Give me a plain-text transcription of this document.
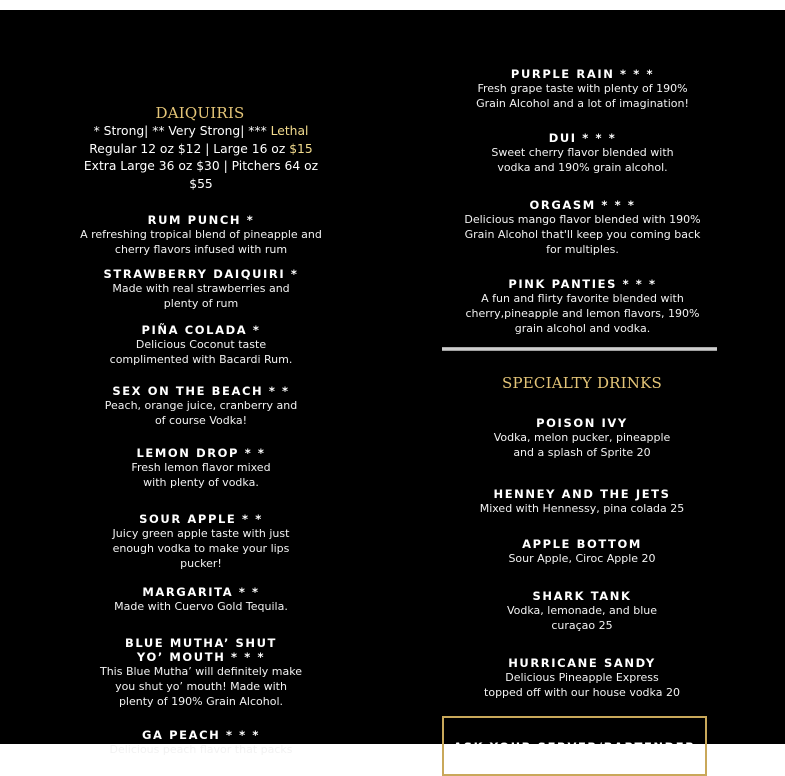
DAIQUIRIS
* Strong| ** Very Strong| *** Lethal
Regular 12 oz $12 | Large 16 oz $15
Extra Large 36 oz $30 | Pitchers 64 oz
$55
RUM PUNCH *
A refreshing tropical blend of pineapple and
cherry flavors infused with rum
STRAWBERRY DAIQUIRI *
Made with real strawberries and
plenty of rum
PIÑA COLADA *
Delicious Coconut taste
complimented with Bacardi Rum.
SEX ON THE BEACH * *
Peach, orange juice, cranberry and
of course Vodka!
LEMON DROP * *
Fresh lemon flavor mixed
with plenty of vodka.
SOUR APPLE * *
Juicy green apple taste with just
enough vodka to make your lips
pucker!
MARGARITA * *
Made with Cuervo Gold Tequila.
BLUE MUTHA’ SHUT
YO’ MOUTH * * *
This Blue Mutha’ will definitely make
you shut yo’ mouth! Made with
plenty of 190% Grain Alcohol.
GA PEACH * * *
Delicious peach flavor that packs
PURPLE RAIN * * *
Fresh grape taste with plenty of 190%
Grain Alcohol and a lot of imagination!
DUI * * *
Sweet cherry flavor blended with
vodka and 190% grain alcohol.
ORGASM * * *
Delicious mango flavor blended with 190%
Grain Alcohol that'll keep you coming back
for multiples.
PINK PANTIES * * *
A fun and flirty favorite blended with
cherry,pineapple and lemon flavors, 190%
grain alcohol and vodka.
SPECIALTY DRINKS
POISON IVY
Vodka, melon pucker, pineapple
and a splash of Sprite 20
HENNEY AND THE JETS
Mixed with Hennessy, pina colada 25
APPLE BOTTOM
Sour Apple, Ciroc Apple 20
SHARK TANK
Vodka, lemonade, and blue
curaçao 25
HURRICANE SANDY
Delicious Pineapple Express
topped off with our house vodka 20
ASK YOUR SERVER/BARTENDER
